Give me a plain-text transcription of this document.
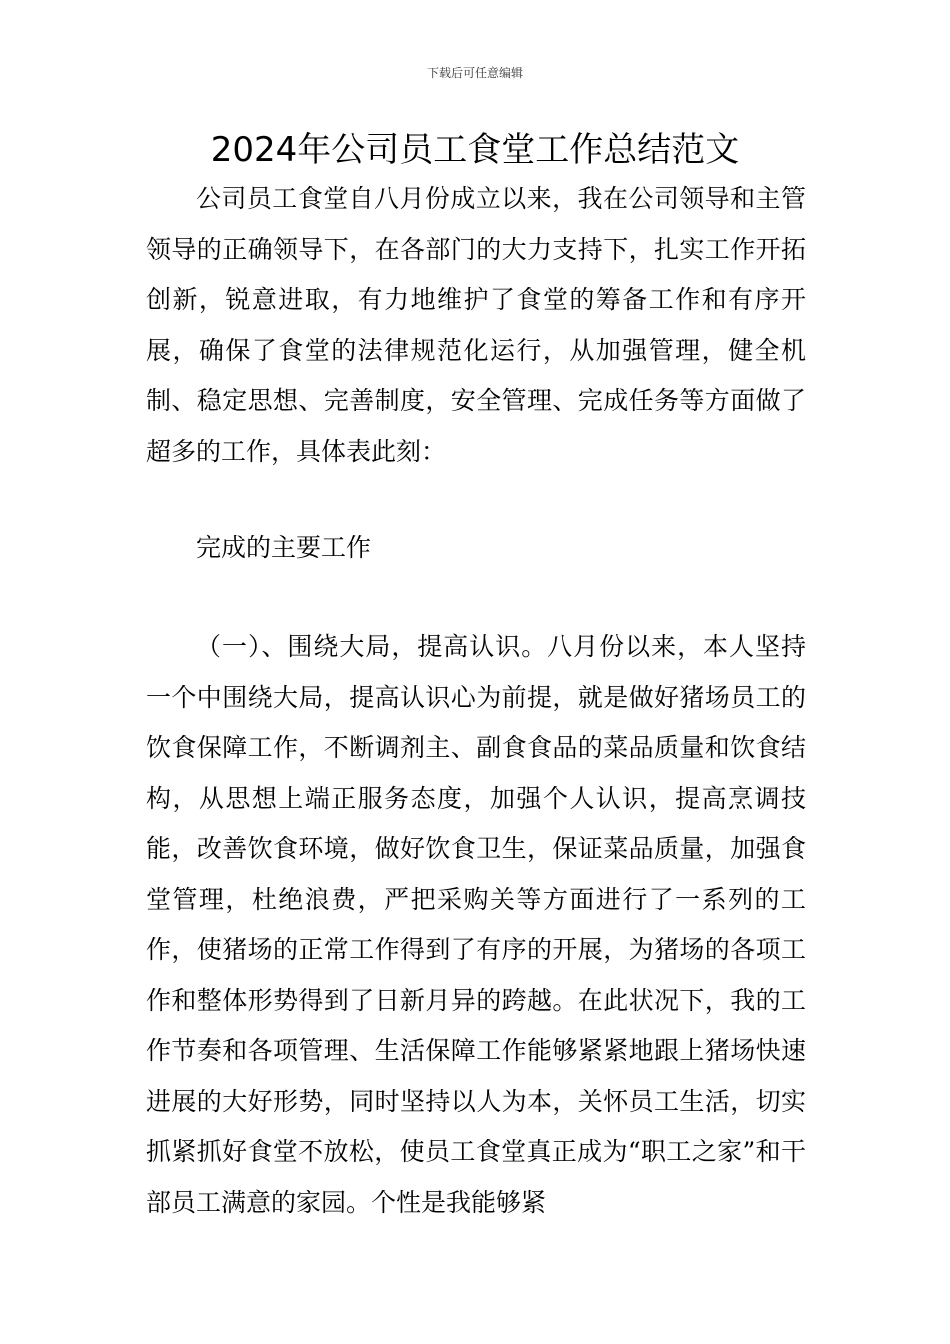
下载后可任意编辑
2024年公司员工食堂工作总结范文

公司员工食堂自八月份成立以来，我在公司领导和主管领导的正确领导下，在各部门的大力支持下，扎实工作开拓创新，锐意进取，有力地维护了食堂的筹备工作和有序开展，确保了食堂的法律规范化运行，从加强管理，健全机制、稳定思想、完善制度，安全管理、完成任务等方面做了超多的工作，具体表此刻：

完成的主要工作

（一）、围绕大局，提高认识。八月份以来，本人坚持一个中围绕大局，提高认识心为前提，就是做好猪场员工的饮食保障工作，不断调剂主、副食食品的菜品质量和饮食结构，从思想上端正服务态度，加强个人认识，提高烹调技能，改善饮食环境，做好饮食卫生，保证菜品质量，加强食堂管理，杜绝浪费，严把采购关等方面进行了一系列的工作，使猪场的正常工作得到了有序的开展，为猪场的各项工作和整体形势得到了日新月异的跨越。在此状况下，我的工作节奏和各项管理、生活保障工作能够紧紧地跟上猪场快速进展的大好形势，同时坚持以人为本，关怀员工生活，切实抓紧抓好食堂不放松，使员工食堂真正成为“职工之家”和干部员工满意的家园。个性是我能够紧
